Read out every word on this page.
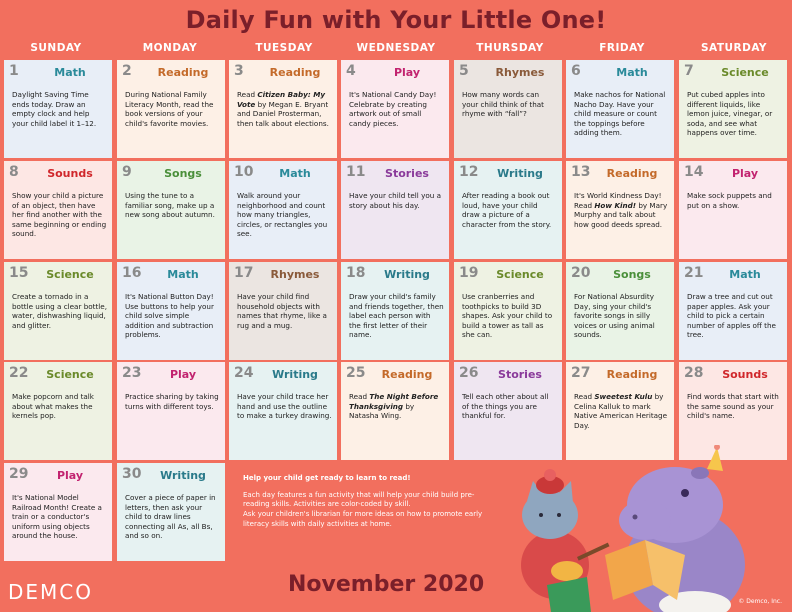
Daily Fun with Your Little One!
SUNDAY	MONDAY	TUESDAY	WEDNESDAY	THURSDAY	FRIDAY	SATURDAY
1	Math
Daylight Saving Time ends today. Draw an empty clock and help your child label it 1–12.
2	Reading
During National Family Literacy Month, read the book versions of your child's favorite movies.
3	Reading
Read Citizen Baby: My Vote by Megan E. Bryant and Daniel Prosterman, then talk about elections.
4	Play
It's National Candy Day! Celebrate by creating artwork out of small candy pieces.
5	Rhymes
How many words can your child think of that rhyme with “fall”?
6	Math
Make nachos for National Nacho Day. Have your child measure or count the toppings before adding them.
7	Science
Put cubed apples into different liquids, like lemon juice, vinegar, or soda, and see what happens over time.
8	Sounds
Show your child a picture of an object, then have her find another with the same beginning or ending sound.
9	Songs
Using the tune to a familiar song, make up a new song about autumn.
10	Math
Walk around your neighborhood and count how many triangles, circles, or rectangles you see.
11	Stories
Have your child tell you a story about his day.
12	Writing
After reading a book out loud, have your child draw a picture of a character from the story.
13	Reading
It's World Kindness Day! Read How Kind! by Mary Murphy and talk about how good deeds spread.
14	Play
Make sock puppets and put on a show.
15	Science
Create a tornado in a bottle using a clear bottle, water, dishwashing liquid, and glitter.
16	Math
It's National Button Day! Use buttons to help your child solve simple addition and subtraction problems.
17	Rhymes
Have your child find household objects with names that rhyme, like a rug and a mug.
18	Writing
Draw your child's family and friends together, then label each person with the first letter of their name.
19	Science
Use cranberries and toothpicks to build 3D shapes. Ask your child to build a tower as tall as she can.
20	Songs
For National Absurdity Day, sing your child's favorite songs in silly voices or using animal sounds.
21	Math
Draw a tree and cut out paper apples. Ask your child to pick a certain number of apples off the tree.
22	Science
Make popcorn and talk about what makes the kernels pop.
23	Play
Practice sharing by taking turns with different toys.
24	Writing
Have your child trace her hand and use the outline to make a turkey drawing.
25	Reading
Read The Night Before Thanksgiving by Natasha Wing.
26	Stories
Tell each other about all of the things you are thankful for.
27	Reading
Read Sweetest Kulu by Celina Kalluk to mark Native American Heritage Day.
28	Sounds
Find words that start with the same sound as your child's name.
29	Play
It's National Model Railroad Month! Create a train or a conductor's uniform using objects around the house.
30	Writing
Cover a piece of paper in letters, then ask your child to draw lines connecting all As, all Bs, and so on.
Help your child get ready to learn to read!

Each day features a fun activity that will help your child build pre-reading skills. Activities are color-coded by skill.

Ask your children's librarian for more ideas on how to promote early literacy skills with daily activities at home.

November 2020
DEMCO	© Demco, Inc.
